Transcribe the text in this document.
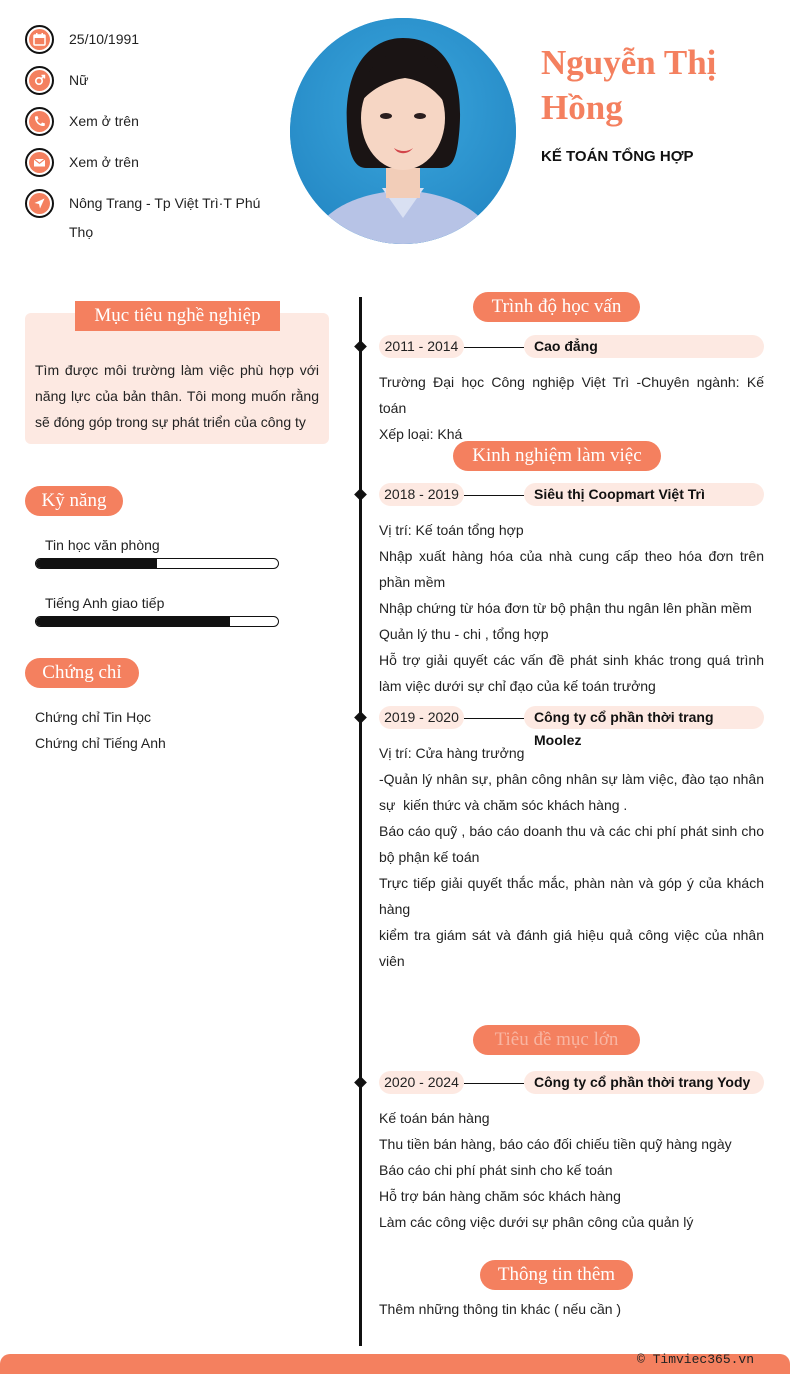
25/10/1991
Nữ
Xem ở trên
Xem ở trên
Nông Trang - Tp Việt Trì·T Phú
Thọ
Nguyễn Thị
Hồng
KẾ TOÁN TỔNG HỢP
Mục tiêu nghề nghiệp
Tìm được môi trường làm việc phù hợp với
năng lực của bản thân. Tôi mong muốn rằng
sẽ đóng góp trong sự phát triển của công ty
Kỹ năng
Tin học văn phòng
Tiếng Anh giao tiếp
Chứng chỉ
Chứng chỉ Tin Học
Chứng chỉ Tiếng Anh
Trình độ học vấn
2011 - 2014	Cao đẳng
Trường Đại học Công nghiệp Việt Trì -Chuyên ngành: Kế toán
Xếp loại: Khá
Kinh nghiệm làm việc
2018 - 2019	Siêu thị Coopmart Việt Trì
Vị trí: Kế toán tổng hợp
Nhập xuất hàng hóa của nhà cung cấp theo hóa đơn trên
phần mềm
Nhập chứng từ hóa đơn từ bộ phận thu ngân lên phần mềm
Quản lý thu - chi , tổng hợp
Hỗ trợ giải quyết các vấn đề phát sinh khác trong quá trình
làm việc dưới sự chỉ đạo của kế toán trưởng
2019 - 2020	Công ty cổ phần thời trang Moolez
Vị trí: Cửa hàng trưởng
-Quản lý nhân sự, phân công nhân sự làm việc, đào tạo nhân
sự  kiến thức và chăm sóc khách hàng .
Báo cáo quỹ , báo cáo doanh thu và các chi phí phát sinh cho
bộ phận kế toán
Trực tiếp giải quyết thắc mắc, phàn nàn và góp ý của khách
hàng
kiểm tra giám sát và đánh giá hiệu quả công việc của nhân
viên
Tiêu đề mục lớn
2020 - 2024	Công ty cổ phần thời trang Yody
Kế toán bán hàng
Thu tiền bán hàng, báo cáo đối chiếu tiền quỹ hàng ngày
Báo cáo chi phí phát sinh cho kế toán
Hỗ trợ bán hàng chăm sóc khách hàng
Làm các công việc dưới sự phân công của quản lý
Thông tin thêm
Thêm những thông tin khác ( nếu cần )
© Timviec365.vn
